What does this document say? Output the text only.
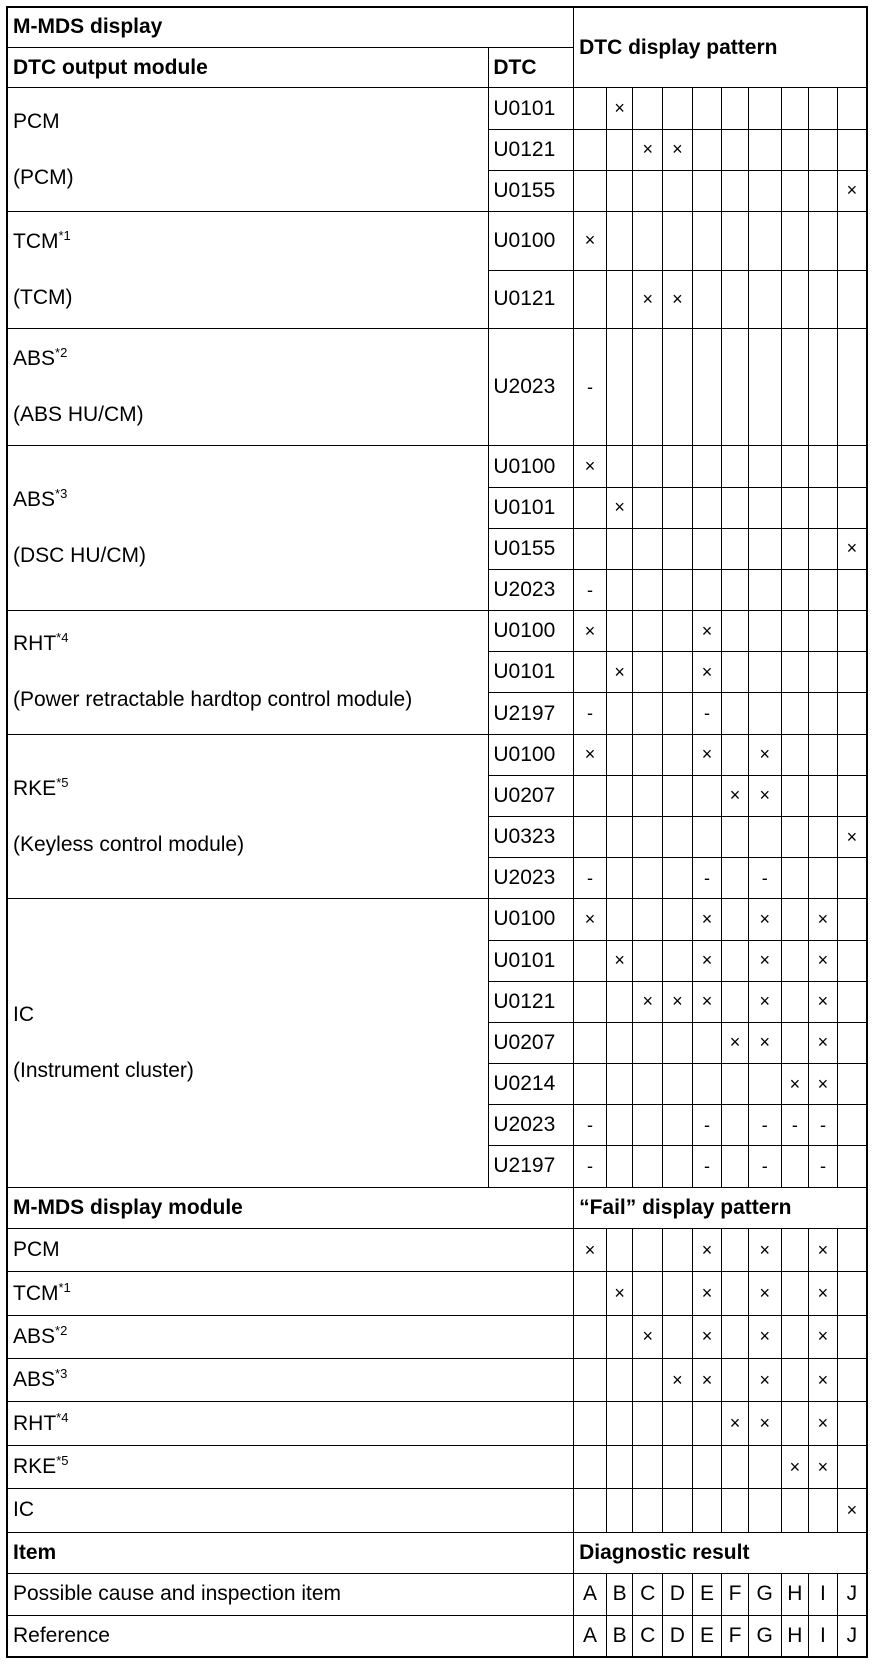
M-MDS display		DTC display pattern									
DTC output module	DTC										
PCM
(PCM)	U0101		×								
	U0121			×	×						
	U0155										×
$TCM^{*1}$
(TCM)	U0100	×									
	U0121			×	×						
ABS$^{*2}$
(ABS HU/CM)	U2023	-									
ABS$^{*3}$
(DSC HU/CM)	U0100	×									
	U0101		×								
	U0155										×
	U2023	-									
RHT$^{*4}$
(Power retractable hardtop control module)	U0100	×				×					
	U0101		×			×					
	U2197	-				-					
RKE$^{*5}$
(Keyless control module)	U0100	×				×		×			
	U0207						×	×			
	U0323										×
	U2023	-				-		-			
IC
(Instrument cluster)	U0100	×				×		×		×	
	U0101		×			×		×		×	
	U0121			×	×	×		×		×	
	U0207						×	×		×	
	U0214								×	×	
	U2023	-				-		-	-	-	
	U2197	-				-		-		-	
M-MDS display module		“Fail” display pattern									
PCM		×				×		×		×	
TCM$^{*1}$			×			×		×		×	
ABS$^{*2}$				×		×		×		×	
ABS$^{*3}$					×	×		×		×	
RHT$^{*4}$							×	×		×	
RKE$^{*5}$									×	×	
IC											×
Item		Diagnostic result									
Possible cause and inspection item		A	B	C	D	E	F	G	H	I	J
Reference		A	B	C	D	E	F	G	H	I	J
